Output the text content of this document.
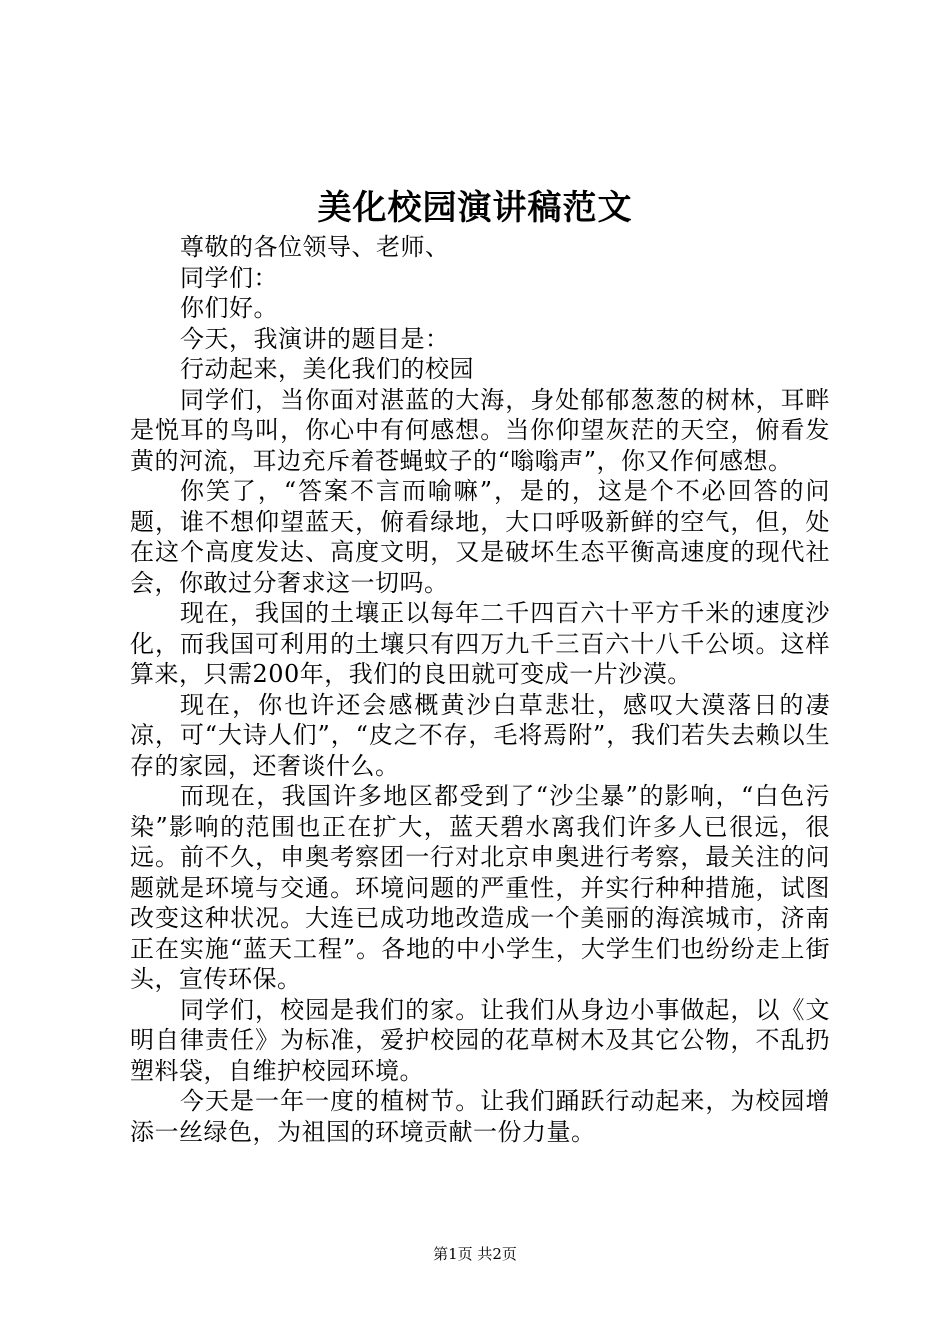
美化校园演讲稿范文

尊敬的各位领导、老师、

同学们：

你们好。

今天，我演讲的题目是：

行动起来，美化我们的校园

同学们，当你面对湛蓝的大海，身处郁郁葱葱的树林，耳畔是悦耳的鸟叫，你心中有何感想。当你仰望灰茫的天空，俯看发黄的河流，耳边充斥着苍蝇蚊子的“嗡嗡声”，你又作何感想。

你笑了，“答案不言而喻嘛”，是的，这是个不必回答的问题，谁不想仰望蓝天，俯看绿地，大口呼吸新鲜的空气，但，处在这个高度发达、高度文明，又是破坏生态平衡高速度的现代社会，你敢过分奢求这一切吗。

现在，我国的土壤正以每年二千四百六十平方千米的速度沙化，而我国可利用的土壤只有四万九千三百六十八千公顷。这样算来，只需200年，我们的良田就可变成一片沙漠。

现在，你也许还会感概黄沙白草悲壮，感叹大漠落日的凄凉，可“大诗人们”，“皮之不存，毛将焉附”，我们若失去赖以生存的家园，还奢谈什么。

而现在，我国许多地区都受到了“沙尘暴”的影响，“白色污染”影响的范围也正在扩大，蓝天碧水离我们许多人已很远，很远。前不久，申奥考察团一行对北京申奥进行考察，最关注的问题就是环境与交通。环境问题的严重性，并实行种种措施，试图改变这种状况。大连已成功地改造成一个美丽的海滨城市，济南正在实施“蓝天工程”。各地的中小学生，大学生们也纷纷走上街头，宣传环保。

同学们，校园是我们的家。让我们从身边小事做起，以《文明自律责任》为标准，爱护校园的花草树木及其它公物，不乱扔塑料袋，自维护校园环境。

今天是一年一度的植树节。让我们踊跃行动起来，为校园增添一丝绿色，为祖国的环境贡献一份力量。

第1页 共2页
